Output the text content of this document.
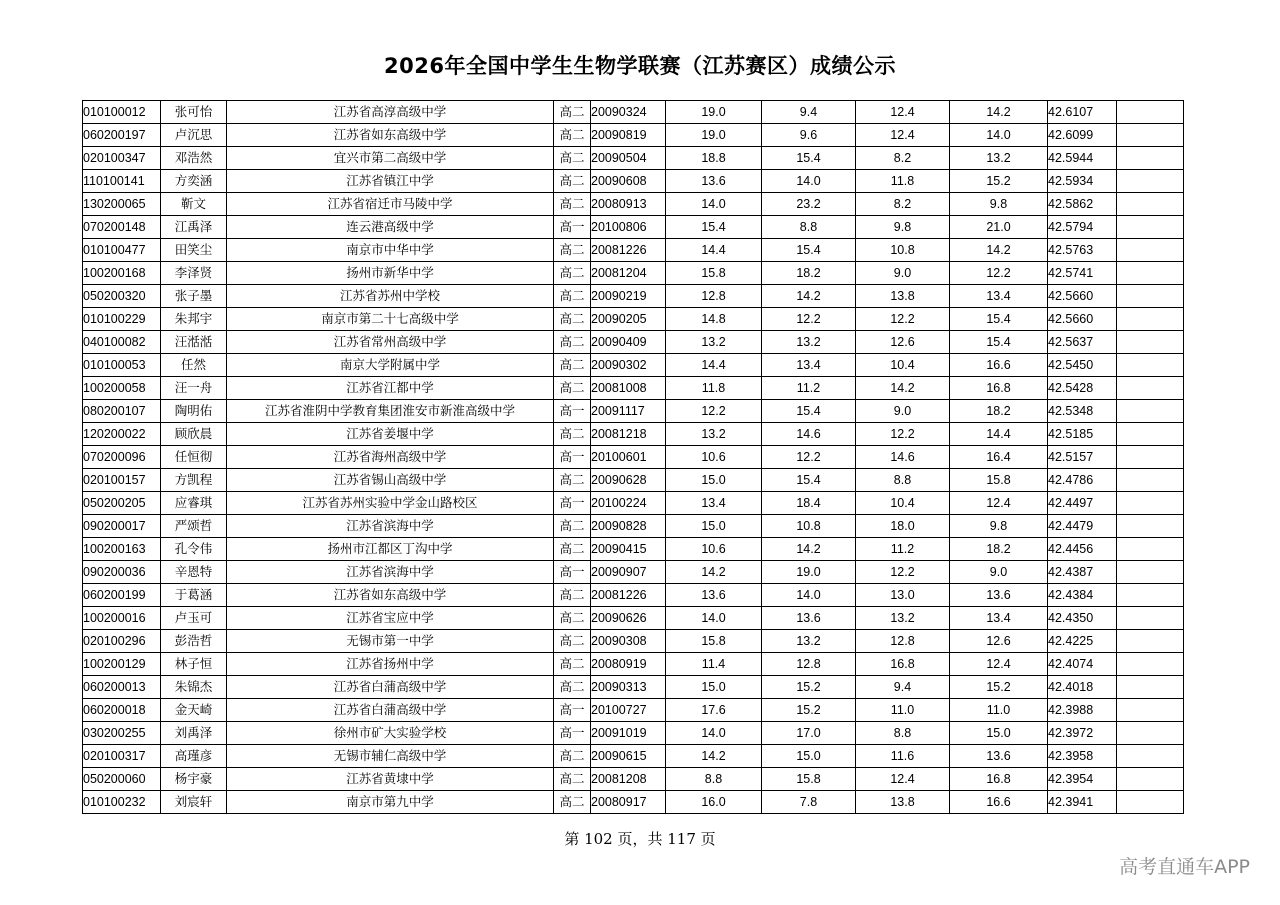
2026年全国中学生生物学联赛（江苏赛区）成绩公示
010100012	张可怡	江苏省高淳高级中学	高二	20090324	19.0	9.4	12.4	14.2	42.6107	
060200197	卢沉思	江苏省如东高级中学	高二	20090819	19.0	9.6	12.4	14.0	42.6099	
020100347	邓浩然	宜兴市第二高级中学	高二	20090504	18.8	15.4	8.2	13.2	42.5944	
110100141	方奕涵	江苏省镇江中学	高二	20090608	13.6	14.0	11.8	15.2	42.5934	
130200065	靳文	江苏省宿迁市马陵中学	高二	20080913	14.0	23.2	8.2	9.8	42.5862	
070200148	江禹泽	连云港高级中学	高一	20100806	15.4	8.8	9.8	21.0	42.5794	
010100477	田笑尘	南京市中华中学	高二	20081226	14.4	15.4	10.8	14.2	42.5763	
100200168	李泽贤	扬州市新华中学	高二	20081204	15.8	18.2	9.0	12.2	42.5741	
050200320	张子墨	江苏省苏州中学校	高二	20090219	12.8	14.2	13.8	13.4	42.5660	
010100229	朱邦宇	南京市第二十七高级中学	高二	20090205	14.8	12.2	12.2	15.4	42.5660	
040100082	汪湉湉	江苏省常州高级中学	高二	20090409	13.2	13.2	12.6	15.4	42.5637	
010100053	任然	南京大学附属中学	高二	20090302	14.4	13.4	10.4	16.6	42.5450	
100200058	汪一舟	江苏省江都中学	高二	20081008	11.8	11.2	14.2	16.8	42.5428	
080200107	陶明佑	江苏省淮阴中学教育集团淮安市新淮高级中学	高一	20091117	12.2	15.4	9.0	18.2	42.5348	
120200022	顾欣晨	江苏省姜堰中学	高二	20081218	13.2	14.6	12.2	14.4	42.5185	
070200096	任恒彻	江苏省海州高级中学	高一	20100601	10.6	12.2	14.6	16.4	42.5157	
020100157	方凯程	江苏省锡山高级中学	高二	20090628	15.0	15.4	8.8	15.8	42.4786	
050200205	应睿琪	江苏省苏州实验中学金山路校区	高一	20100224	13.4	18.4	10.4	12.4	42.4497	
090200017	严颂哲	江苏省滨海中学	高二	20090828	15.0	10.8	18.0	9.8	42.4479	
100200163	孔令伟	扬州市江都区丁沟中学	高二	20090415	10.6	14.2	11.2	18.2	42.4456	
090200036	辛恩特	江苏省滨海中学	高一	20090907	14.2	19.0	12.2	9.0	42.4387	
060200199	于葛涵	江苏省如东高级中学	高二	20081226	13.6	14.0	13.0	13.6	42.4384	
100200016	卢玉可	江苏省宝应中学	高二	20090626	14.0	13.6	13.2	13.4	42.4350	
020100296	彭浩哲	无锡市第一中学	高二	20090308	15.8	13.2	12.8	12.6	42.4225	
100200129	林子恒	江苏省扬州中学	高二	20080919	11.4	12.8	16.8	12.4	42.4074	
060200013	朱锦杰	江苏省白蒲高级中学	高二	20090313	15.0	15.2	9.4	15.2	42.4018	
060200018	金天崎	江苏省白蒲高级中学	高一	20100727	17.6	15.2	11.0	11.0	42.3988	
030200255	刘禹泽	徐州市矿大实验学校	高一	20091019	14.0	17.0	8.8	15.0	42.3972	
020100317	高瑾彦	无锡市辅仁高级中学	高二	20090615	14.2	15.0	11.6	13.6	42.3958	
050200060	杨宇豪	江苏省黄埭中学	高二	20081208	8.8	15.8	12.4	16.8	42.3954	
010100232	刘宸轩	南京市第九中学	高二	20080917	16.0	7.8	13.8	16.6	42.3941	
第 102 页，共 117 页
高考直通车APP
